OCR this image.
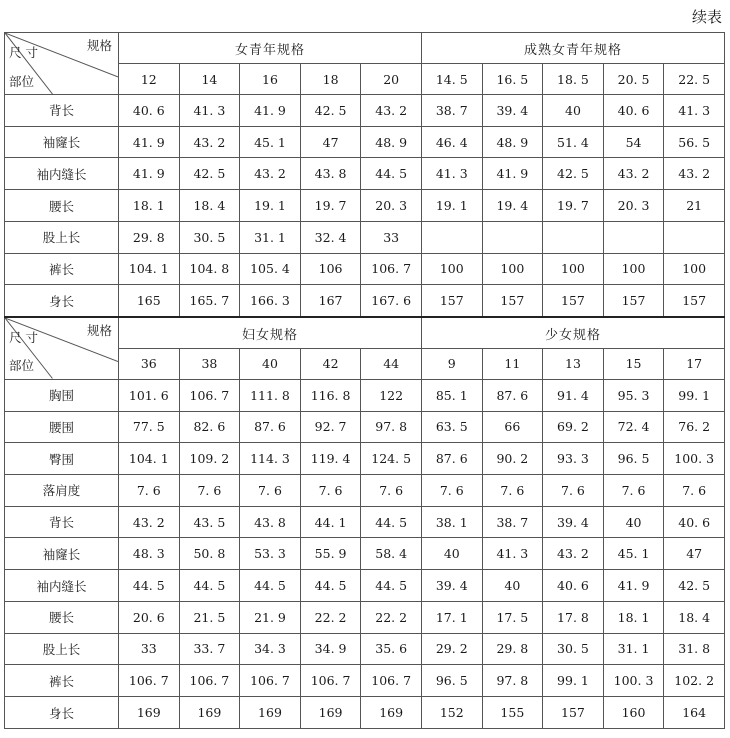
续表
规格
尺 寸
部位	女青年规格					成熟女青年规格				
	12	14	16	18	20	14. 5	16. 5	18. 5	20. 5	22. 5
背长	40. 6	41. 3	41. 9	42. 5	43. 2	38. 7	39. 4	40	40. 6	41. 3
袖窿长	41. 9	43. 2	45. 1	47	48. 9	46. 4	48. 9	51. 4	54	56. 5
袖内缝长	41. 9	42. 5	43. 2	43. 8	44. 5	41. 3	41. 9	42. 5	43. 2	43. 2
腰长	18. 1	18. 4	19. 1	19. 7	20. 3	19. 1	19. 4	19. 7	20. 3	21
股上长	29. 8	30. 5	31. 1	32. 4	33					
裤长	104. 1	104. 8	105. 4	106	106. 7	100	100	100	100	100
身长	165	165. 7	166. 3	167	167. 6	157	157	157	157	157

规格
尺 寸
部位	妇女规格					少女规格				
	36	38	40	42	44	9	11	13	15	17
胸围	101. 6	106. 7	111. 8	116. 8	122	85. 1	87. 6	91. 4	95. 3	99. 1
腰围	77. 5	82. 6	87. 6	92. 7	97. 8	63. 5	66	69. 2	72. 4	76. 2
臀围	104. 1	109. 2	114. 3	119. 4	124. 5	87. 6	90. 2	93. 3	96. 5	100. 3
落肩度	7. 6	7. 6	7. 6	7. 6	7. 6	7. 6	7. 6	7. 6	7. 6	7. 6
背长	43. 2	43. 5	43. 8	44. 1	44. 5	38. 1	38. 7	39. 4	40	40. 6
袖窿长	48. 3	50. 8	53. 3	55. 9	58. 4	40	41. 3	43. 2	45. 1	47
袖内缝长	44. 5	44. 5	44. 5	44. 5	44. 5	39. 4	40	40. 6	41. 9	42. 5
腰长	20. 6	21. 5	21. 9	22. 2	22. 2	17. 1	17. 5	17. 8	18. 1	18. 4
股上长	33	33. 7	34. 3	34. 9	35. 6	29. 2	29. 8	30. 5	31. 1	31. 8
裤长	106. 7	106. 7	106. 7	106. 7	106. 7	96. 5	97. 8	99. 1	100. 3	102. 2
身长	169	169	169	169	169	152	155	157	160	164
